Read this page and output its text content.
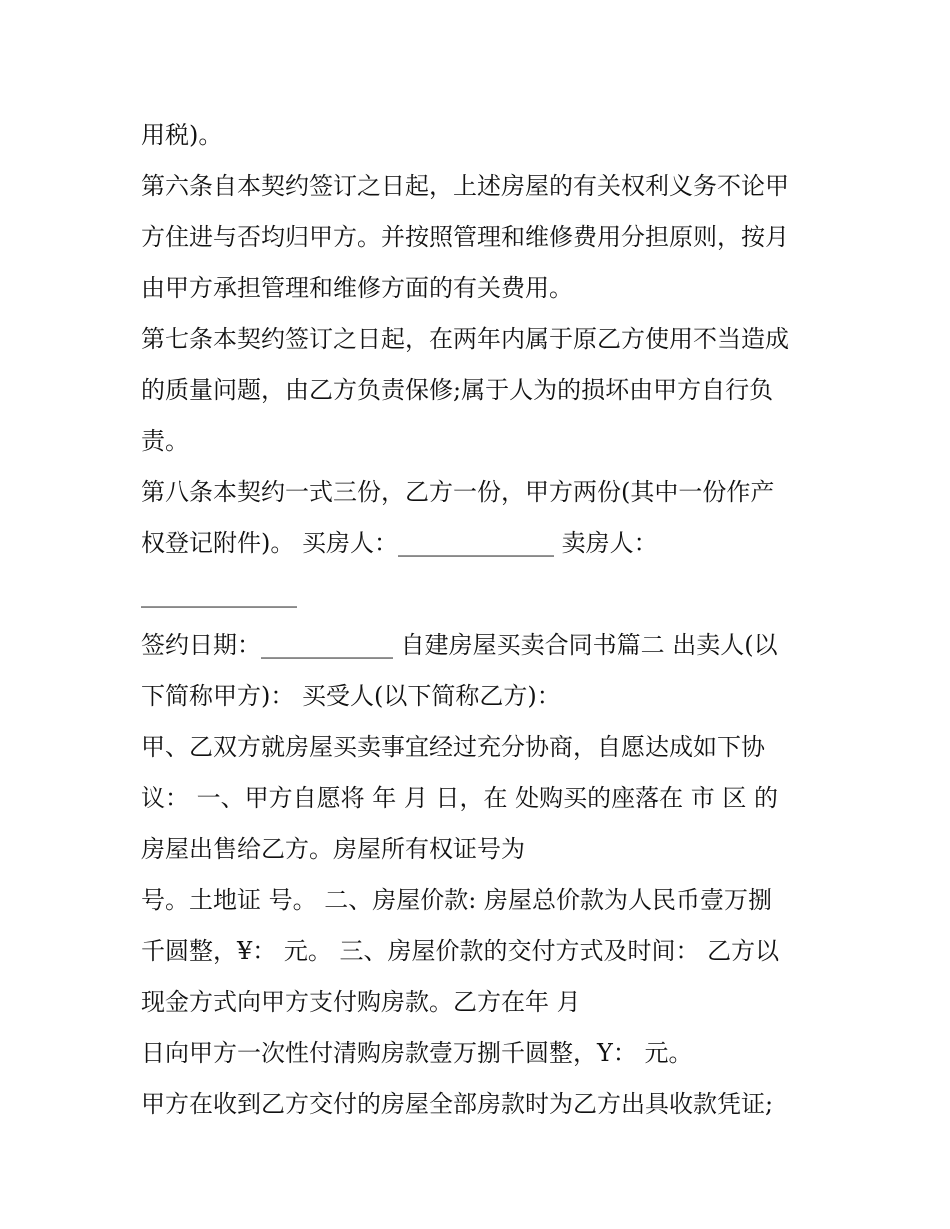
用税)。
第六条自本契约签订之日起，上述房屋的有关权利义务不论甲
方住进与否均归甲方。并按照管理和维修费用分担原则，按月
由甲方承担管理和维修方面的有关费用。
第七条本契约签订之日起，在两年内属于原乙方使用不当造成
的质量问题，由乙方负责保修;属于人为的损坏由甲方自行负
责。
第八条本契约一式三份，乙方一份，甲方两份(其中一份作产
权登记附件)。 买房人：_____________ 卖房人：
_____________
签约日期：___________ 自建房屋买卖合同书篇二 出卖人(以
下简称甲方)： 买受人(以下简称乙方)：
甲、乙双方就房屋买卖事宜经过充分协商，自愿达成如下协
议： 一、甲方自愿将 年 月 日，在 处购买的座落在 市 区 的
房屋出售给乙方。房屋所有权证号为
号。土地证 号。 二、房屋价款: 房屋总价款为人民币壹万捌
千圆整，¥： 元。 三、房屋价款的交付方式及时间： 乙方以
现金方式向甲方支付购房款。乙方在年 月
日向甲方一次性付清购房款壹万捌千圆整，Y： 元。
甲方在收到乙方交付的房屋全部房款时为乙方出具收款凭证;
